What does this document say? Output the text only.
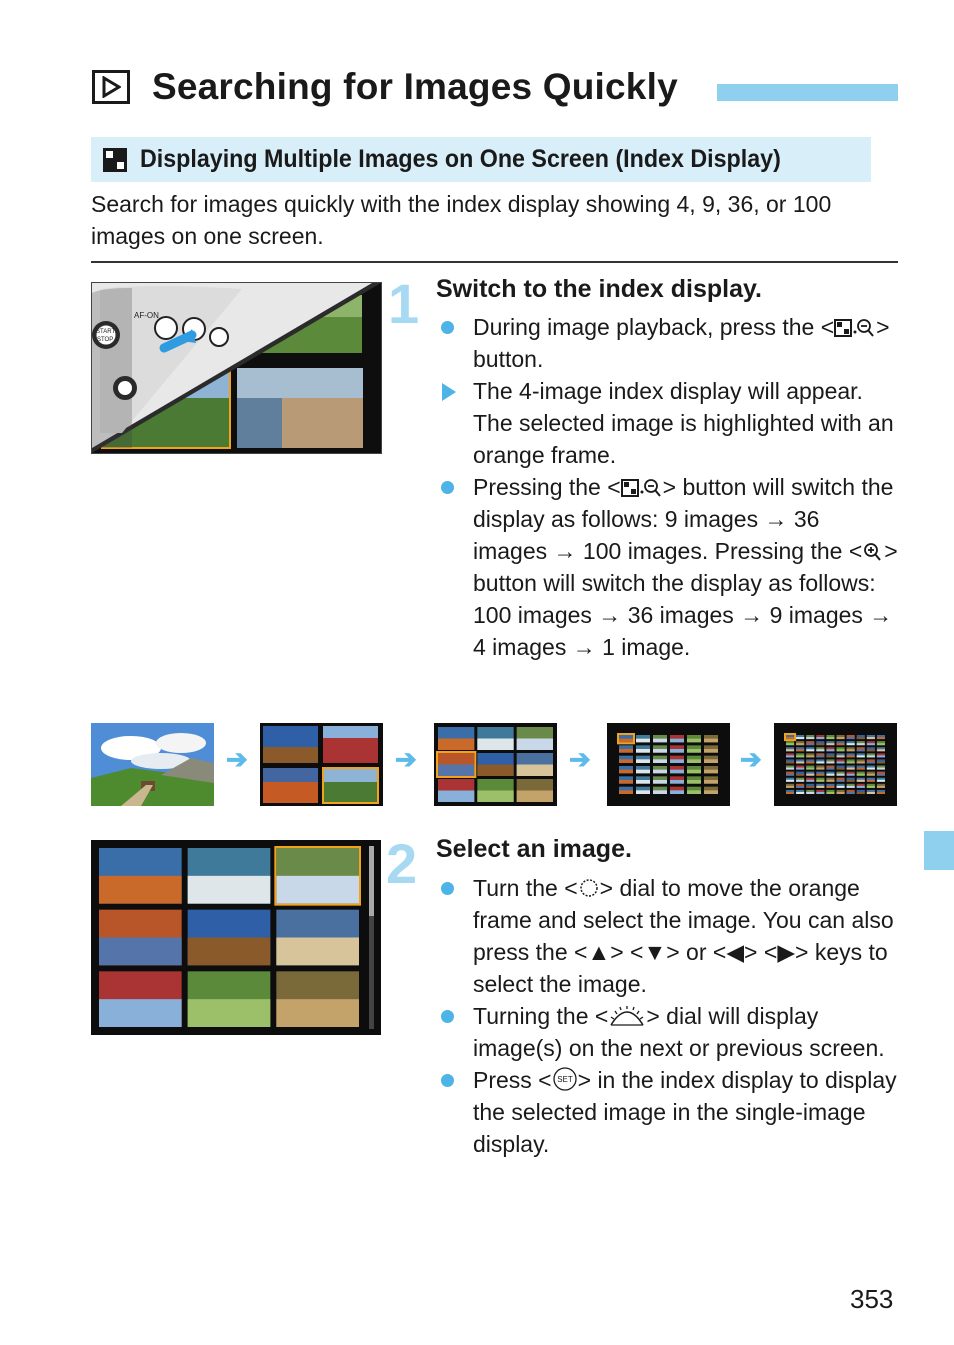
Searching for Images Quickly
Displaying Multiple Images on One Screen (Index Display)
Search for images quickly with the index display showing 4, 9, 36, or 100 images on one screen.
AF-ON
START
STOP
1 Switch to the index display.
During image playback, press the < > button.
The 4-image index display will appear. The selected image is highlighted with an orange frame.
Pressing the < > button will switch the display as follows: 9 images → 36 images → 100 images. Pressing the < > button will switch the display as follows: 100 images → 36 images → 9 images → 4 images → 1 image.
➔	➔	➔	➔
2 Select an image.
Turn the < > dial to move the orange frame and select the image. You can also press the <▲> <▼> or <◀> <▶> keys to select the image.
Turning the < > dial will display image(s) on the next or previous screen.
Press < SET > in the index display to display the selected image in the single-image display.
353
